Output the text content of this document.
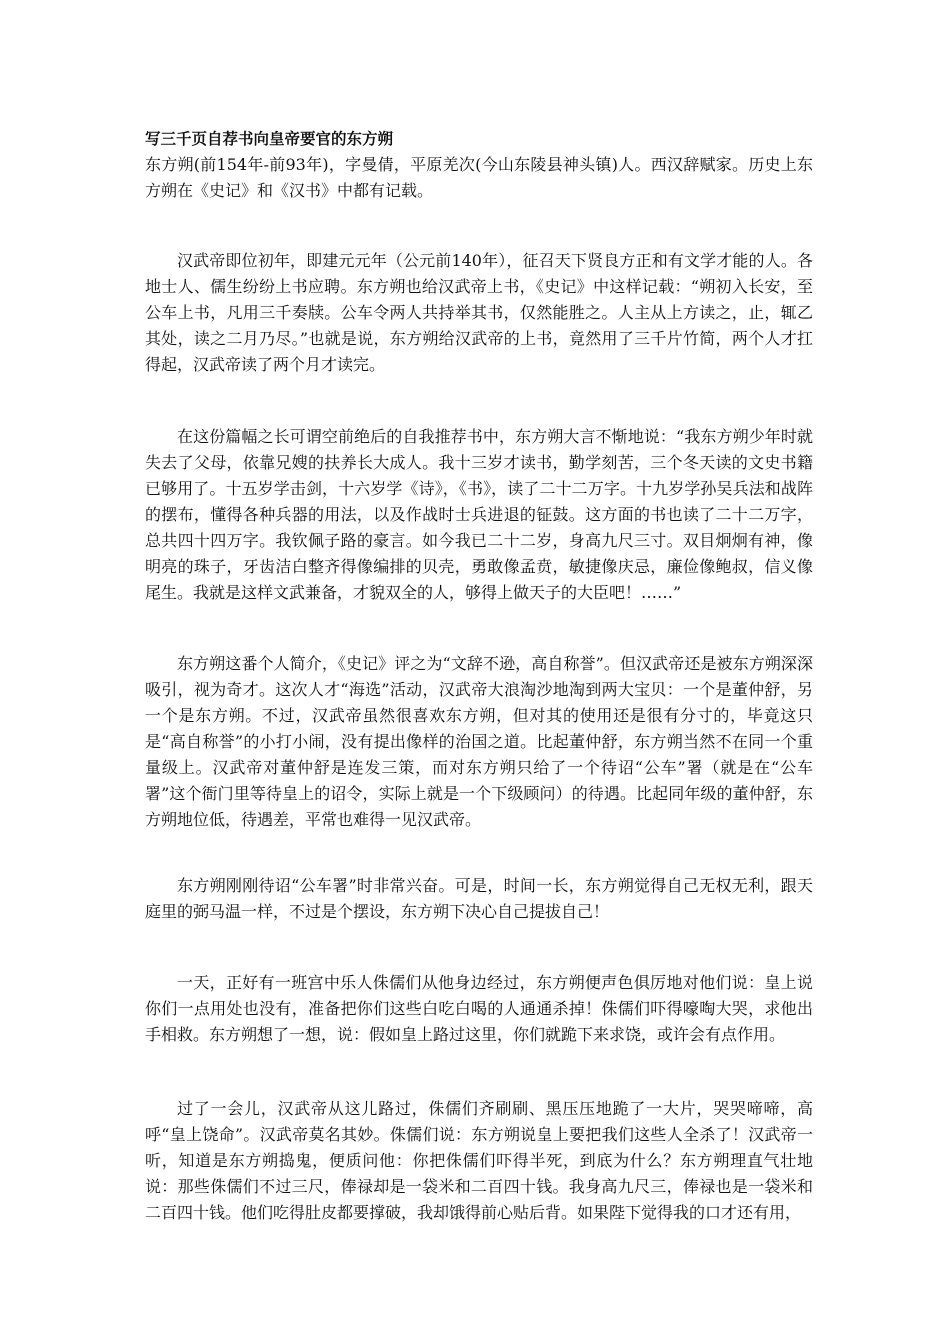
写三千页自荐书向皇帝要官的东方朔

东方朔(前154年-前93年)，字曼倩，平原羌次(今山东陵县神头镇)人。西汉辞赋家。历史上东方朔在《史记》和《汉书》中都有记载。

汉武帝即位初年，即建元元年（公元前140年），征召天下贤良方正和有文学才能的人。各地士人、儒生纷纷上书应聘。东方朔也给汉武帝上书，《史记》中这样记载：“朔初入长安，至公车上书，凡用三千奏牍。公车令两人共持举其书，仅然能胜之。人主从上方读之，止，辄乙其处，读之二月乃尽。”也就是说，东方朔给汉武帝的上书，竟然用了三千片竹简，两个人才扛得起，汉武帝读了两个月才读完。

在这份篇幅之长可谓空前绝后的自我推荐书中，东方朔大言不惭地说：“我东方朔少年时就失去了父母，依靠兄嫂的扶养长大成人。我十三岁才读书，勤学刻苦，三个冬天读的文史书籍已够用了。十五岁学击剑，十六岁学《诗》，《书》，读了二十二万字。十九岁学孙吴兵法和战阵的摆布，懂得各种兵器的用法，以及作战时士兵进退的钲鼓。这方面的书也读了二十二万字，总共四十四万字。我钦佩子路的豪言。如今我已二十二岁，身高九尺三寸。双目炯炯有神，像明亮的珠子，牙齿洁白整齐得像编排的贝壳，勇敢像孟贲，敏捷像庆忌，廉俭像鲍叔，信义像尾生。我就是这样文武兼备，才貌双全的人，够得上做天子的大臣吧！……”

东方朔这番个人简介，《史记》评之为“文辞不逊，高自称誉”。但汉武帝还是被东方朔深深吸引，视为奇才。这次人才“海选”活动，汉武帝大浪淘沙地淘到两大宝贝：一个是董仲舒，另一个是东方朔。不过，汉武帝虽然很喜欢东方朔，但对其的使用还是很有分寸的，毕竟这只是“高自称誉”的小打小闹，没有提出像样的治国之道。比起董仲舒，东方朔当然不在同一个重量级上。汉武帝对董仲舒是连发三策，而对东方朔只给了一个待诏“公车”署（就是在“公车署”这个衙门里等待皇上的诏令，实际上就是一个下级顾问）的待遇。比起同年级的董仲舒，东方朔地位低，待遇差，平常也难得一见汉武帝。

东方朔刚刚待诏“公车署”时非常兴奋。可是，时间一长，东方朔觉得自己无权无利，跟天庭里的弼马温一样，不过是个摆设，东方朔下决心自己提拔自己！

一天，正好有一班宫中乐人侏儒们从他身边经过，东方朔便声色俱厉地对他们说：皇上说你们一点用处也没有，准备把你们这些白吃白喝的人通通杀掉！侏儒们吓得嚎啕大哭，求他出手相救。东方朔想了一想，说：假如皇上路过这里，你们就跪下来求饶，或许会有点作用。

过了一会儿，汉武帝从这儿路过，侏儒们齐刷刷、黑压压地跪了一大片，哭哭啼啼，高呼“皇上饶命”。汉武帝莫名其妙。侏儒们说：东方朔说皇上要把我们这些人全杀了！汉武帝一听，知道是东方朔捣鬼，便质问他：你把侏儒们吓得半死，到底为什么？东方朔理直气壮地说：那些侏儒们不过三尺，俸禄却是一袋米和二百四十钱。我身高九尺三，俸禄也是一袋米和二百四十钱。他们吃得肚皮都要撑破，我却饿得前心贴后背。如果陛下觉得我的口才还有用，
